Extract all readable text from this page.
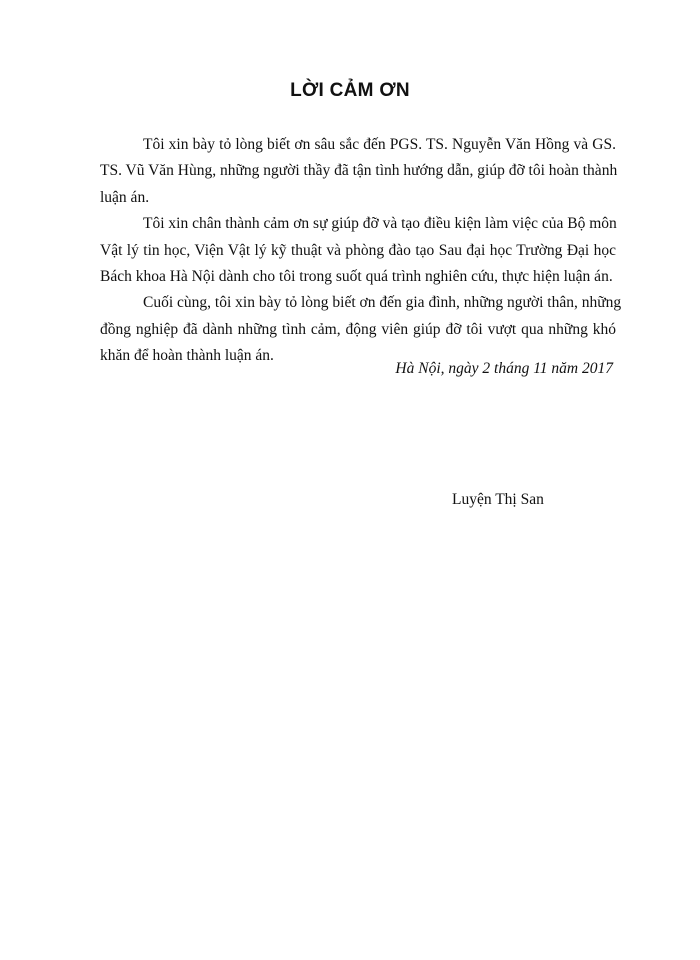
LỜI CẢM ƠN
Tôi xin bày tỏ lòng biết ơn sâu sắc đến PGS. TS. Nguyễn Văn Hồng và GS.
TS. Vũ Văn Hùng, những người thầy đã tận tình hướng dẫn, giúp đỡ tôi hoàn thành
luận án.
Tôi xin chân thành cảm ơn sự giúp đỡ và tạo điều kiện làm việc của Bộ môn
Vật lý tin học, Viện Vật lý kỹ thuật và phòng đào tạo Sau đại học Trường Đại học
Bách khoa Hà Nội dành cho tôi trong suốt quá trình nghiên cứu, thực hiện luận án.
Cuối cùng, tôi xin bày tỏ lòng biết ơn đến gia đình, những người thân, những
đồng nghiệp đã dành những tình cảm, động viên giúp đỡ tôi vượt qua những khó
khăn để hoàn thành luận án.
Hà Nội, ngày 2 tháng 11 năm 2017
Luyện Thị San
